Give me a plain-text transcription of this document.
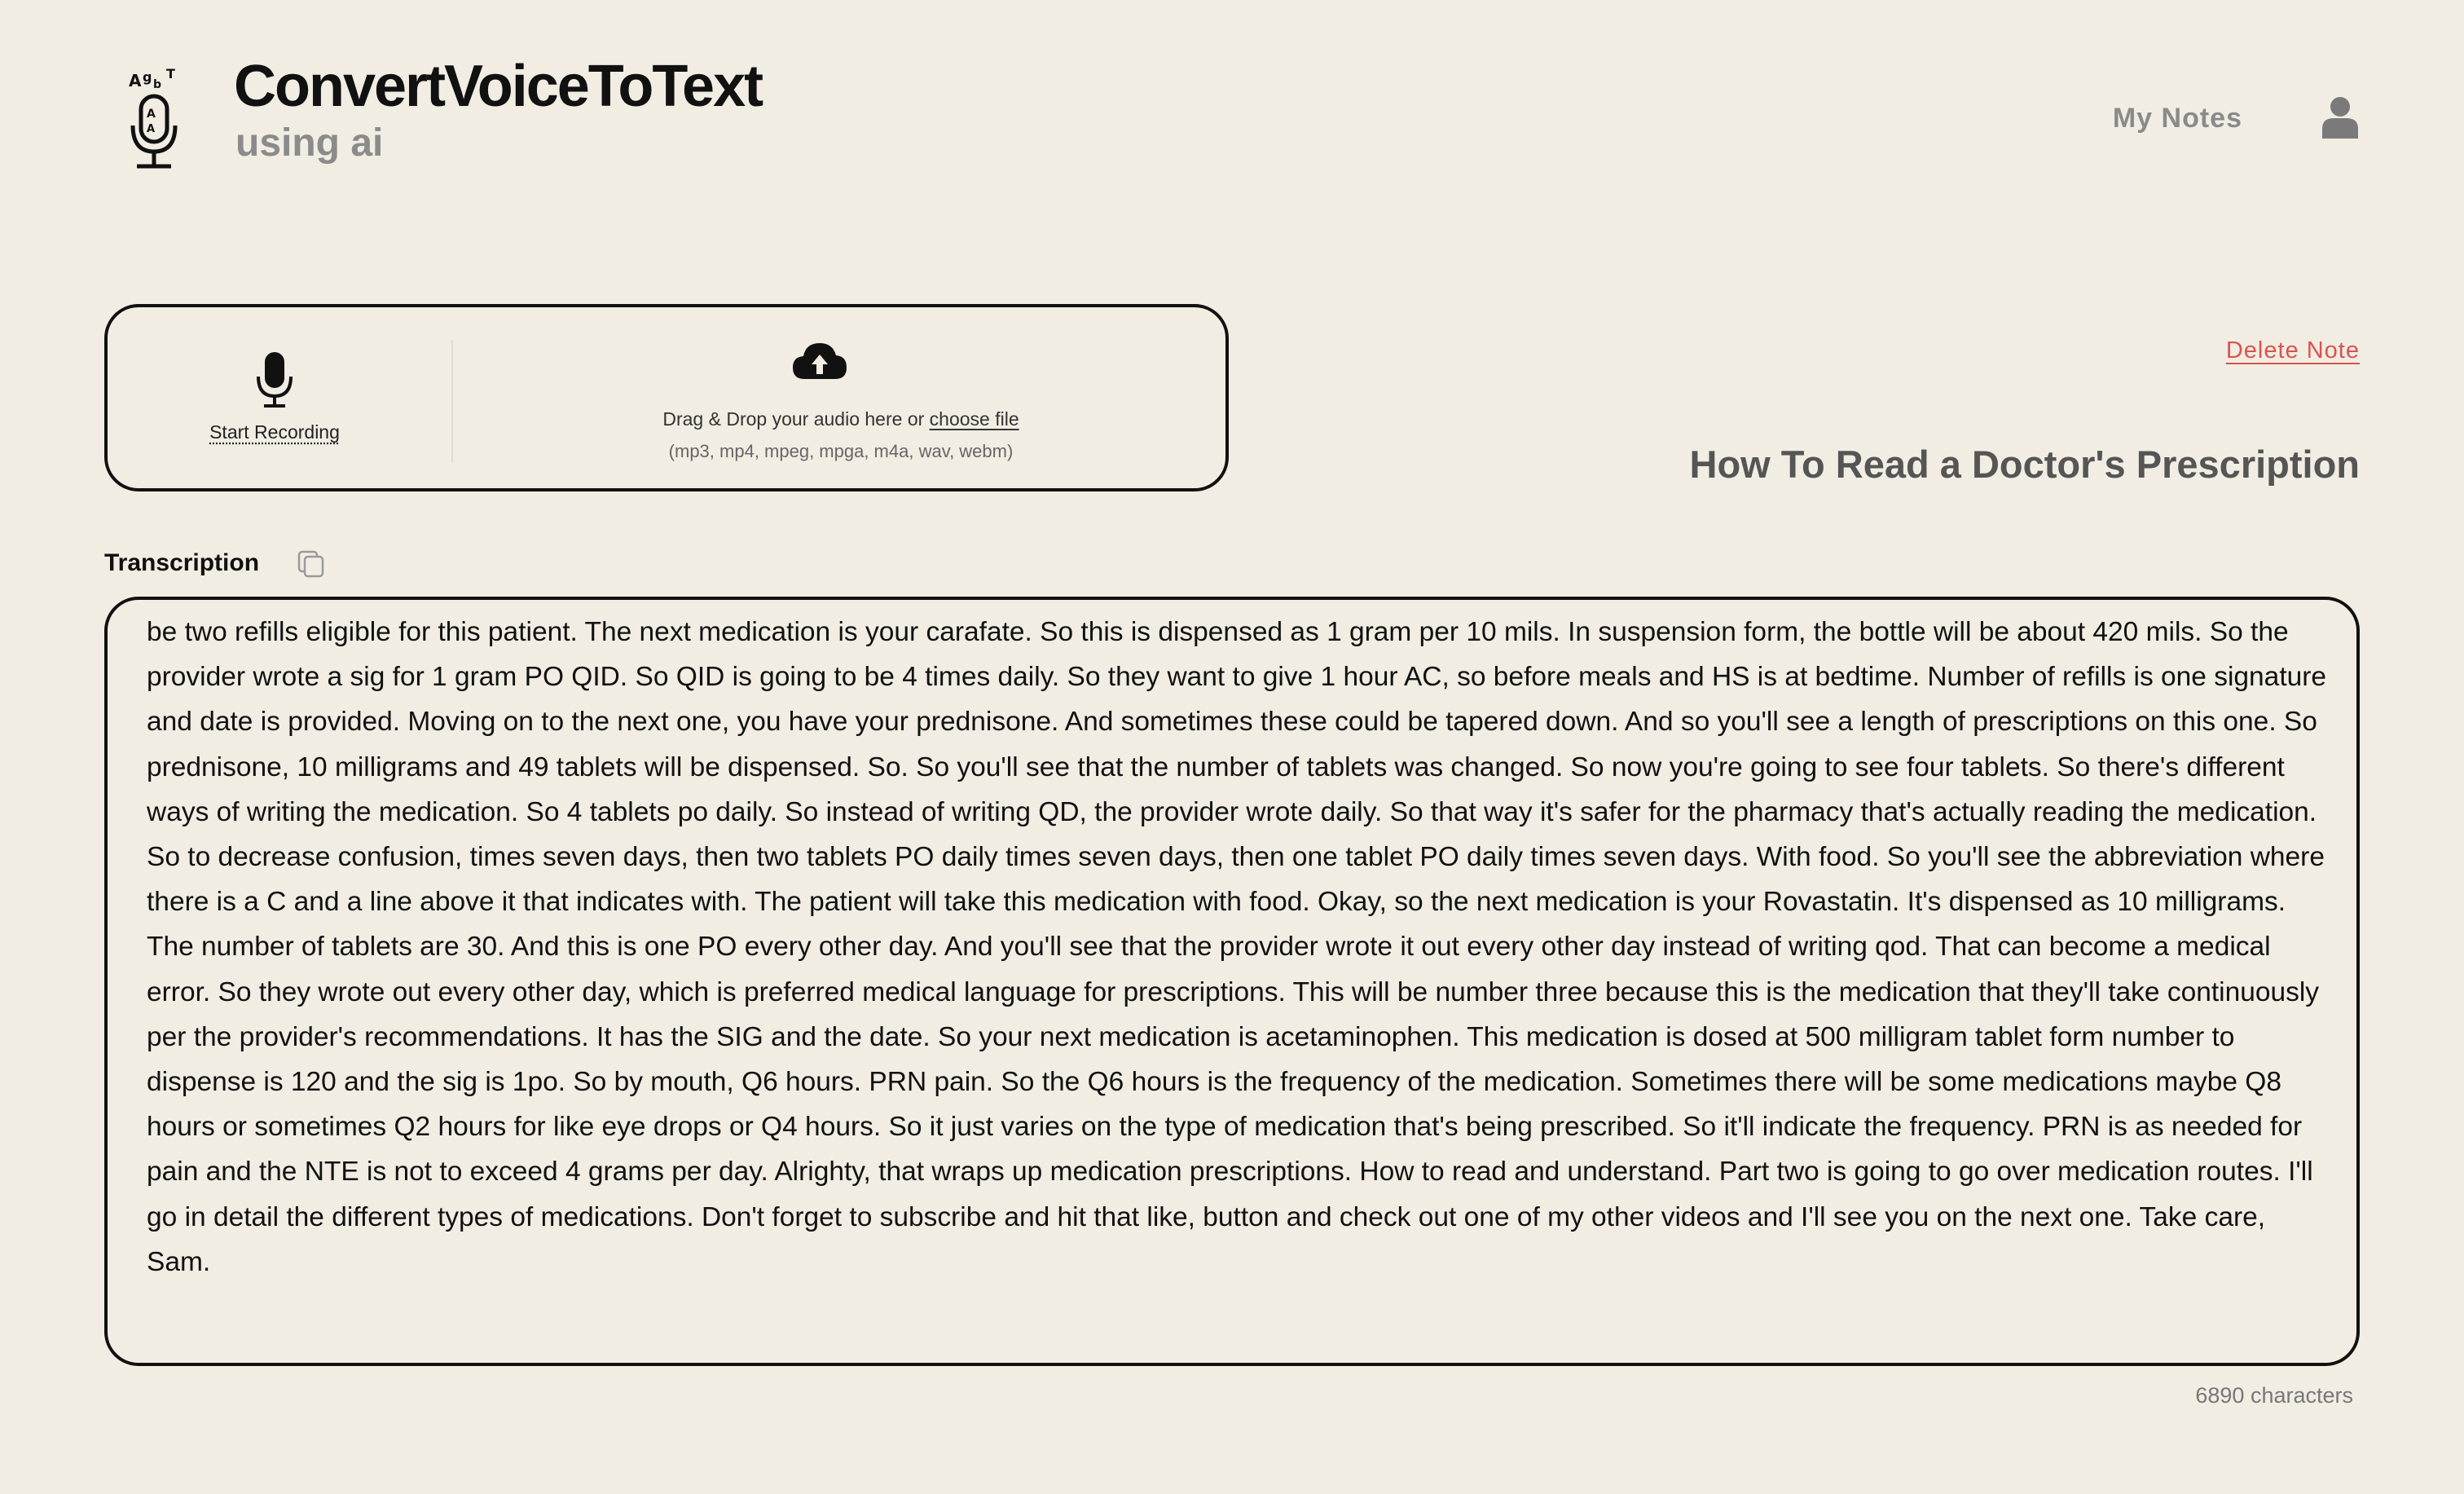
A g b
T
A
A
ConvertVoiceToText
using ai
My Notes
Start Recording
Drag & Drop your audio here or choose file
(mp3, mp4, mpeg, mpga, m4a, wav, webm)
Delete Note
How To Read a Doctor's Prescription
Transcription

be two refills eligible for this patient. The next medication is your carafate. So this is dispensed as 1 gram per 10 mils. In suspension form, the bottle will be about 420 mils. So the provider wrote a sig for 1 gram PO QID. So QID is going to be 4 times daily. So they want to give 1 hour AC, so before meals and HS is at bedtime. Number of refills is one signature and date is provided. Moving on to the next one, you have your prednisone. And sometimes these could be tapered down. And so you'll see a length of prescriptions on this one. So prednisone, 10 milligrams and 49 tablets will be dispensed. So. So you'll see that the number of tablets was changed. So now you're going to see four tablets. So there's different ways of writing the medication. So 4 tablets po daily. So instead of writing QD, the provider wrote daily. So that way it's safer for the pharmacy that's actually reading the medication. So to decrease confusion, times seven days, then two tablets PO daily times seven days, then one tablet PO daily times seven days. With food. So you'll see the abbreviation where there is a C and a line above it that indicates with. The patient will take this medication with food. Okay, so the next medication is your Rovastatin. It's dispensed as 10 milligrams. The number of tablets are 30. And this is one PO every other day. And you'll see that the provider wrote it out every other day instead of writing qod. That can become a medical error. So they wrote out every other day, which is preferred medical language for prescriptions. This will be number three because this is the medication that they'll take continuously per the provider's recommendations. It has the SIG and the date. So your next medication is acetaminophen. This medication is dosed at 500 milligram tablet form number to dispense is 120 and the sig is 1po. So by mouth, Q6 hours. PRN pain. So the Q6 hours is the frequency of the medication. Sometimes there will be some medications maybe Q8 hours or sometimes Q2 hours for like eye drops or Q4 hours. So it just varies on the type of medication that's being prescribed. So it'll indicate the frequency. PRN is as needed for pain and the NTE is not to exceed 4 grams per day. Alrighty, that wraps up medication prescriptions. How to read and understand. Part two is going to go over medication routes. I'll go in detail the different types of medications. Don't forget to subscribe and hit that like, button and check out one of my other videos and I'll see you on the next one. Take care, Sam.

6890 characters
